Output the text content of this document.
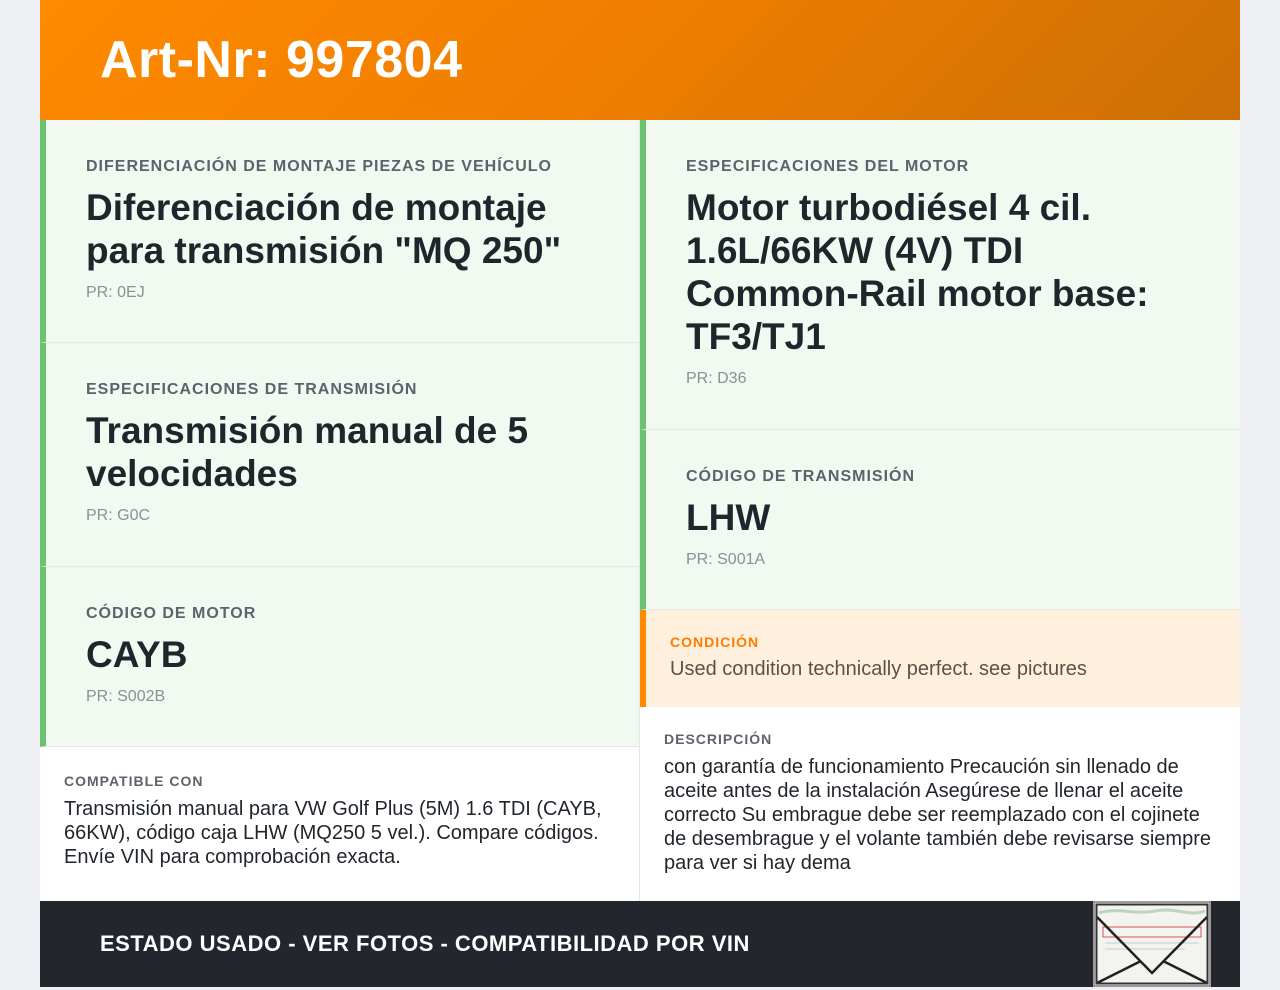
Art-Nr: 997804
DIFERENCIACIÓN DE MONTAJE PIEZAS DE VEHÍCULO
Diferenciación de montaje para transmisión "MQ 250"
PR: 0EJ
ESPECIFICACIONES DE TRANSMISIÓN
Transmisión manual de 5 velocidades
PR: G0C
CÓDIGO DE MOTOR
CAYB
PR: S002B
COMPATIBLE CON
Transmisión manual para VW Golf Plus (5M) 1.6 TDI (CAYB, 66KW), código caja LHW (MQ250 5 vel.). Compare códigos. Envíe VIN para comprobación exacta.
ESPECIFICACIONES DEL MOTOR
Motor turbodiésel 4 cil. 1.6L/66KW (4V) TDI Common-Rail motor base: TF3/TJ1
PR: D36
CÓDIGO DE TRANSMISIÓN
LHW
PR: S001A
CONDICIÓN
Used condition technically perfect. see pictures
DESCRIPCIÓN
con garantía de funcionamiento Precaución sin llenado de aceite antes de la instalación Asegúrese de llenar el aceite correcto Su embrague debe ser reemplazado con el cojinete de desembrague y el volante también debe revisarse siempre para ver si hay dema
ESTADO USADO - VER FOTOS - COMPATIBILIDAD POR VIN
